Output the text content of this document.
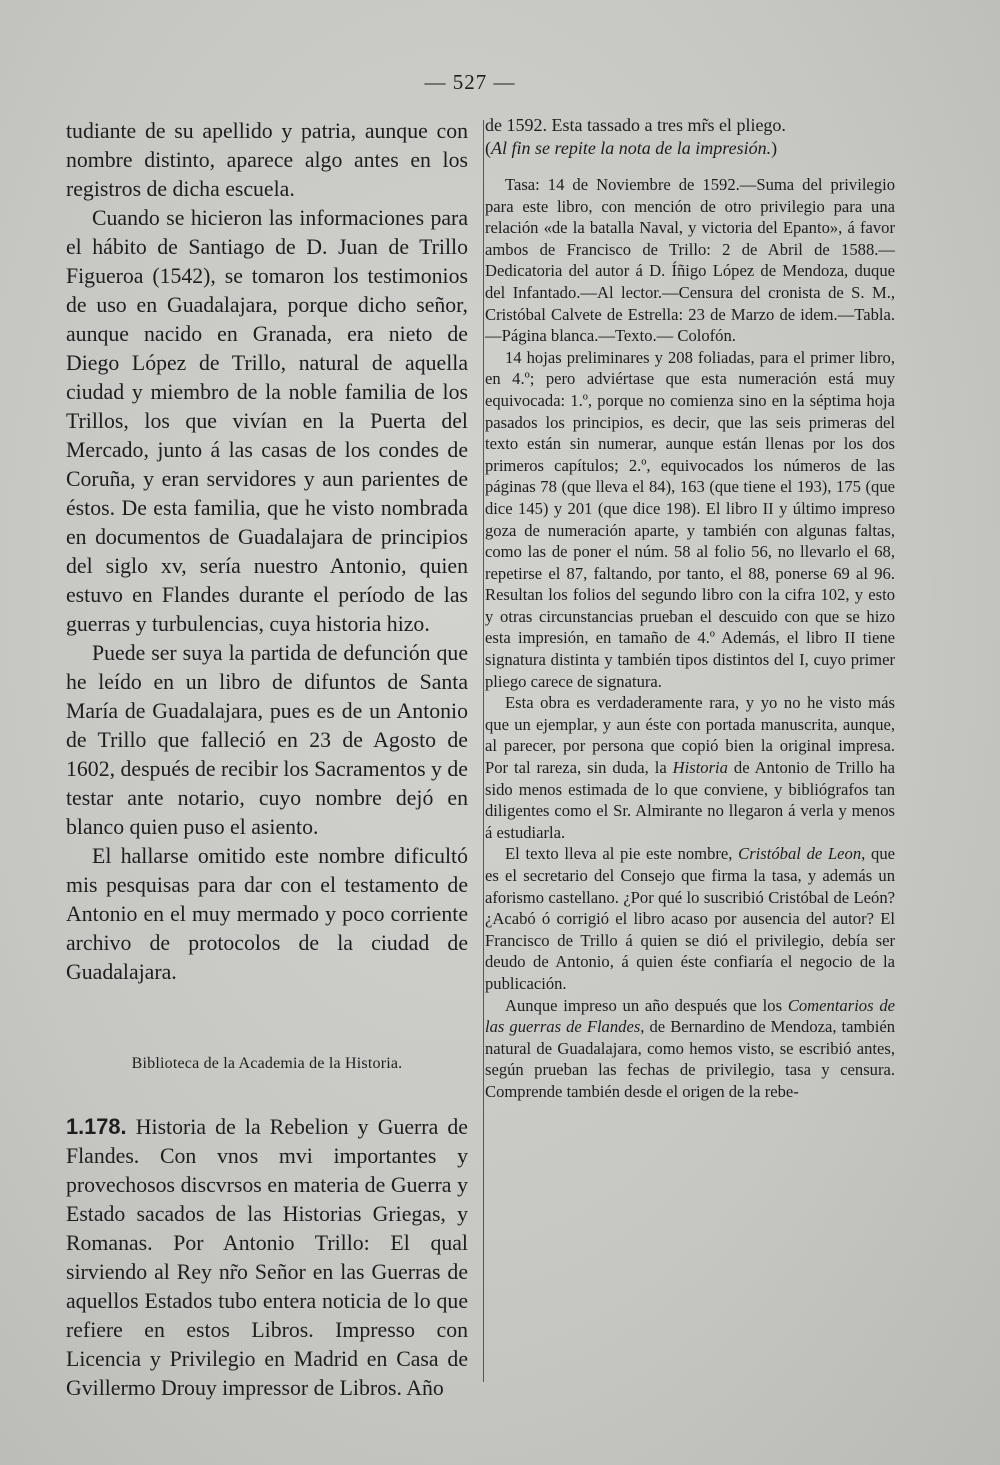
— 527 —

tudiante de su apellido y patria, aunque con nombre distinto, aparece algo antes en los registros de dicha escuela.

Cuando se hicieron las informaciones para el hábito de Santiago de D. Juan de Trillo Figueroa (1542), se tomaron los testimonios de uso en Guadalajara, porque dicho señor, aunque nacido en Granada, era nieto de Diego López de Trillo, natural de aquella ciudad y miembro de la noble familia de los Trillos, los que vivían en la Puerta del Mercado, junto á las casas de los condes de Coruña, y eran servidores y aun parientes de éstos. De esta familia, que he visto nombrada en documentos de Guadalajara de principios del siglo xv, sería nuestro Antonio, quien estuvo en Flandes durante el período de las guerras y turbulencias, cuya historia hizo.

Puede ser suya la partida de defunción que he leído en un libro de difuntos de Santa María de Guadalajara, pues es de un Antonio de Trillo que falleció en 23 de Agosto de 1602, después de recibir los Sacramentos y de testar ante notario, cuyo nombre dejó en blanco quien puso el asiento.

El hallarse omitido este nombre dificultó mis pesquisas para dar con el testamento de Antonio en el muy mermado y poco corriente archivo de protocolos de la ciudad de Guadalajara.

Biblioteca de la Academia de la Historia.

1.178. Historia de la Rebelion y Guerra de Flandes. Con vnos mvi importantes y provechosos discvrsos en materia de Guerra y Estado sacados de las Historias Griegas, y Romanas. Por Antonio Trillo: El qual sirviendo al Rey nr̃o Señor en las Guerras de aquellos Estados tubo entera noticia de lo que refiere en estos Libros. Impresso con Licencia y Privilegio en Madrid en Casa de Gvillermo Drouy impressor de Libros. Año

de 1592. Esta tassado a tres mr̃s el pliego.

(Al fin se repite la nota de la impresión.)

Tasa: 14 de Noviembre de 1592.—Suma del privilegio para este libro, con mención de otro privilegio para una relación «de la batalla Naval, y victoria del Epanto», á favor ambos de Francisco de Trillo: 2 de Abril de 1588.—Dedicatoria del autor á D. Íñigo López de Mendoza, duque del Infantado.—Al lector.—Censura del cronista de S. M., Cristóbal Calvete de Estrella: 23 de Marzo de idem.—Tabla.—Página blanca.—Texto.— Colofón.

14 hojas preliminares y 208 foliadas, para el primer libro, en 4.º; pero adviértase que esta numeración está muy equivocada: 1.º, porque no comienza sino en la séptima hoja pasados los principios, es decir, que las seis primeras del texto están sin numerar, aunque están llenas por los dos primeros capítulos; 2.º, equivocados los números de las páginas 78 (que lleva el 84), 163 (que tiene el 193), 175 (que dice 145) y 201 (que dice 198). El libro II y último impreso goza de numeración aparte, y también con algunas faltas, como las de poner el núm. 58 al folio 56, no llevarlo el 68, repetirse el 87, faltando, por tanto, el 88, ponerse 69 al 96. Resultan los folios del segundo libro con la cifra 102, y esto y otras circunstancias prueban el descuido con que se hizo esta impresión, en tamaño de 4.º Además, el libro II tiene signatura distinta y también tipos distintos del I, cuyo primer pliego carece de signatura.

Esta obra es verdaderamente rara, y yo no he visto más que un ejemplar, y aun éste con portada manuscrita, aunque, al parecer, por persona que copió bien la original impresa. Por tal rareza, sin duda, la Historia de Antonio de Trillo ha sido menos estimada de lo que conviene, y bibliógrafos tan diligentes como el Sr. Almirante no llegaron á verla y menos á estudiarla.

El texto lleva al pie este nombre, Cristóbal de Leon, que es el secretario del Consejo que firma la tasa, y además un aforismo castellano. ¿Por qué lo suscribió Cristóbal de León? ¿Acabó ó corrigió el libro acaso por ausencia del autor? El Francisco de Trillo á quien se dió el privilegio, debía ser deudo de Antonio, á quien éste confiaría el negocio de la publicación.

Aunque impreso un año después que los Comentarios de las guerras de Flandes, de Bernardino de Mendoza, también natural de Guadalajara, como hemos visto, se escribió antes, según prueban las fechas de privilegio, tasa y censura. Comprende también desde el origen de la rebe-
